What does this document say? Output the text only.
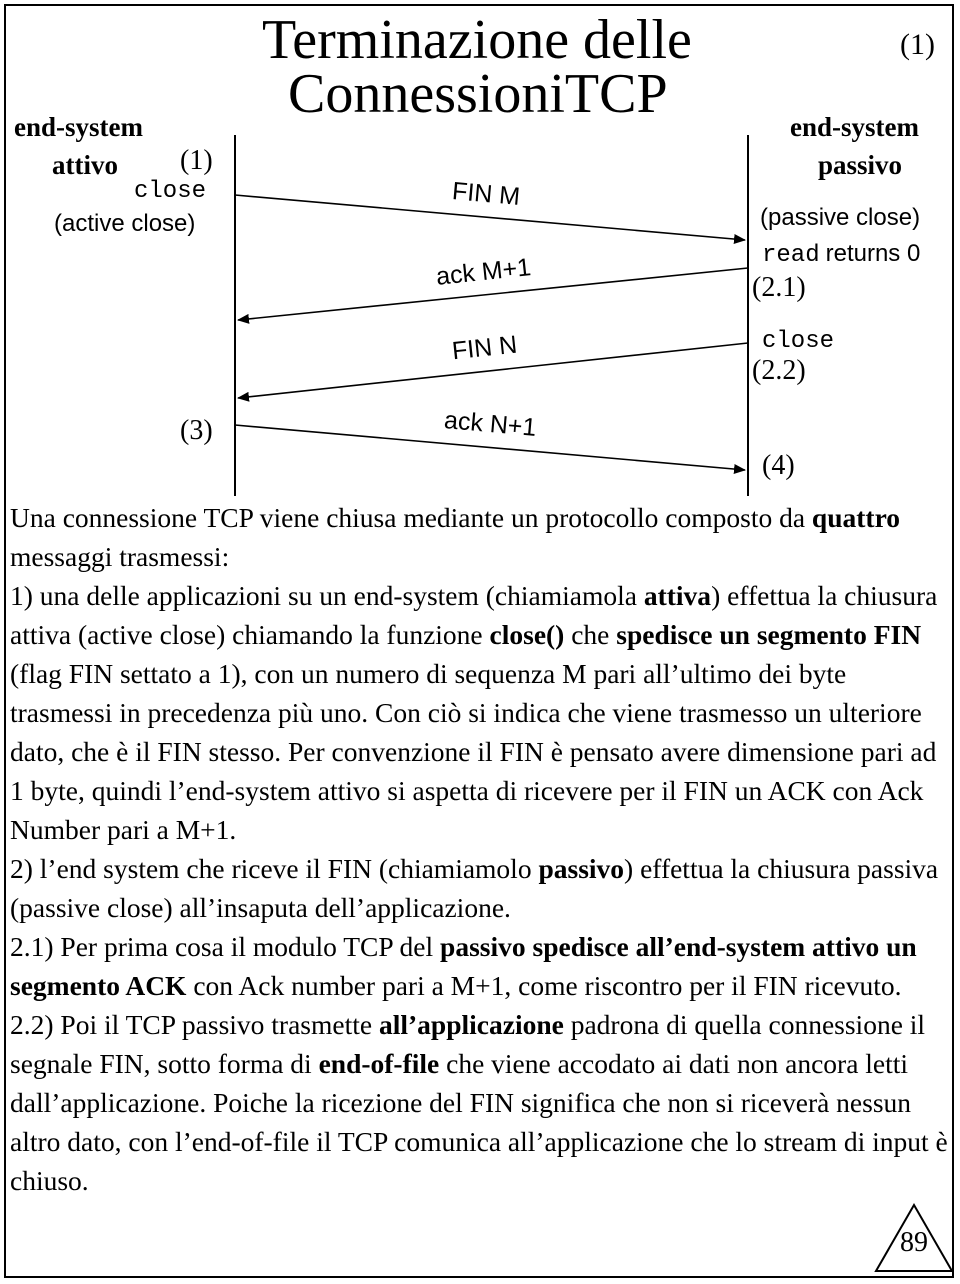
Terminazione delle
ConnessioniTCP
(1)
end-system
attivo
end-system
passivo
(1)
close
(active close)	(passive close)
read returns 0
(2.1)
close
(2.2)
(3)
(4)
FIN M
ack M+1
FIN N
ack N+1

Una connessione TCP viene chiusa mediante un protocollo composto da quattro messaggi trasmessi:

1) una delle applicazioni su un end-system (chiamiamola attiva) effettua la chiusura attiva (active close) chiamando la funzione close() che spedisce un segmento FIN (flag FIN settato a 1), con un numero di sequenza M pari all’ultimo dei byte trasmessi in precedenza più uno. Con ciò si indica che viene trasmesso un ulteriore dato, che è il FIN stesso. Per convenzione il FIN è pensato avere dimensione pari ad 1 byte, quindi l’end-system attivo si aspetta di ricevere per il FIN un ACK con Ack Number pari a M+1.

2) l’end system che riceve il FIN (chiamiamolo passivo) effettua la chiusura passiva (passive close) all’insaputa dell’applicazione.

2.1) Per prima cosa il modulo TCP del passivo spedisce all’end-system attivo un segmento ACK con Ack number pari a M+1, come riscontro per il FIN ricevuto.

2.2) Poi il TCP passivo trasmette all’applicazione padrona di quella connessione il segnale FIN, sotto forma di end-of-file che viene accodato ai dati non ancora letti dall’applicazione. Poiche la ricezione del FIN significa che non si riceverà nessun altro dato, con l’end-of-file il TCP comunica all’applicazione che lo stream di input è chiuso.

89
